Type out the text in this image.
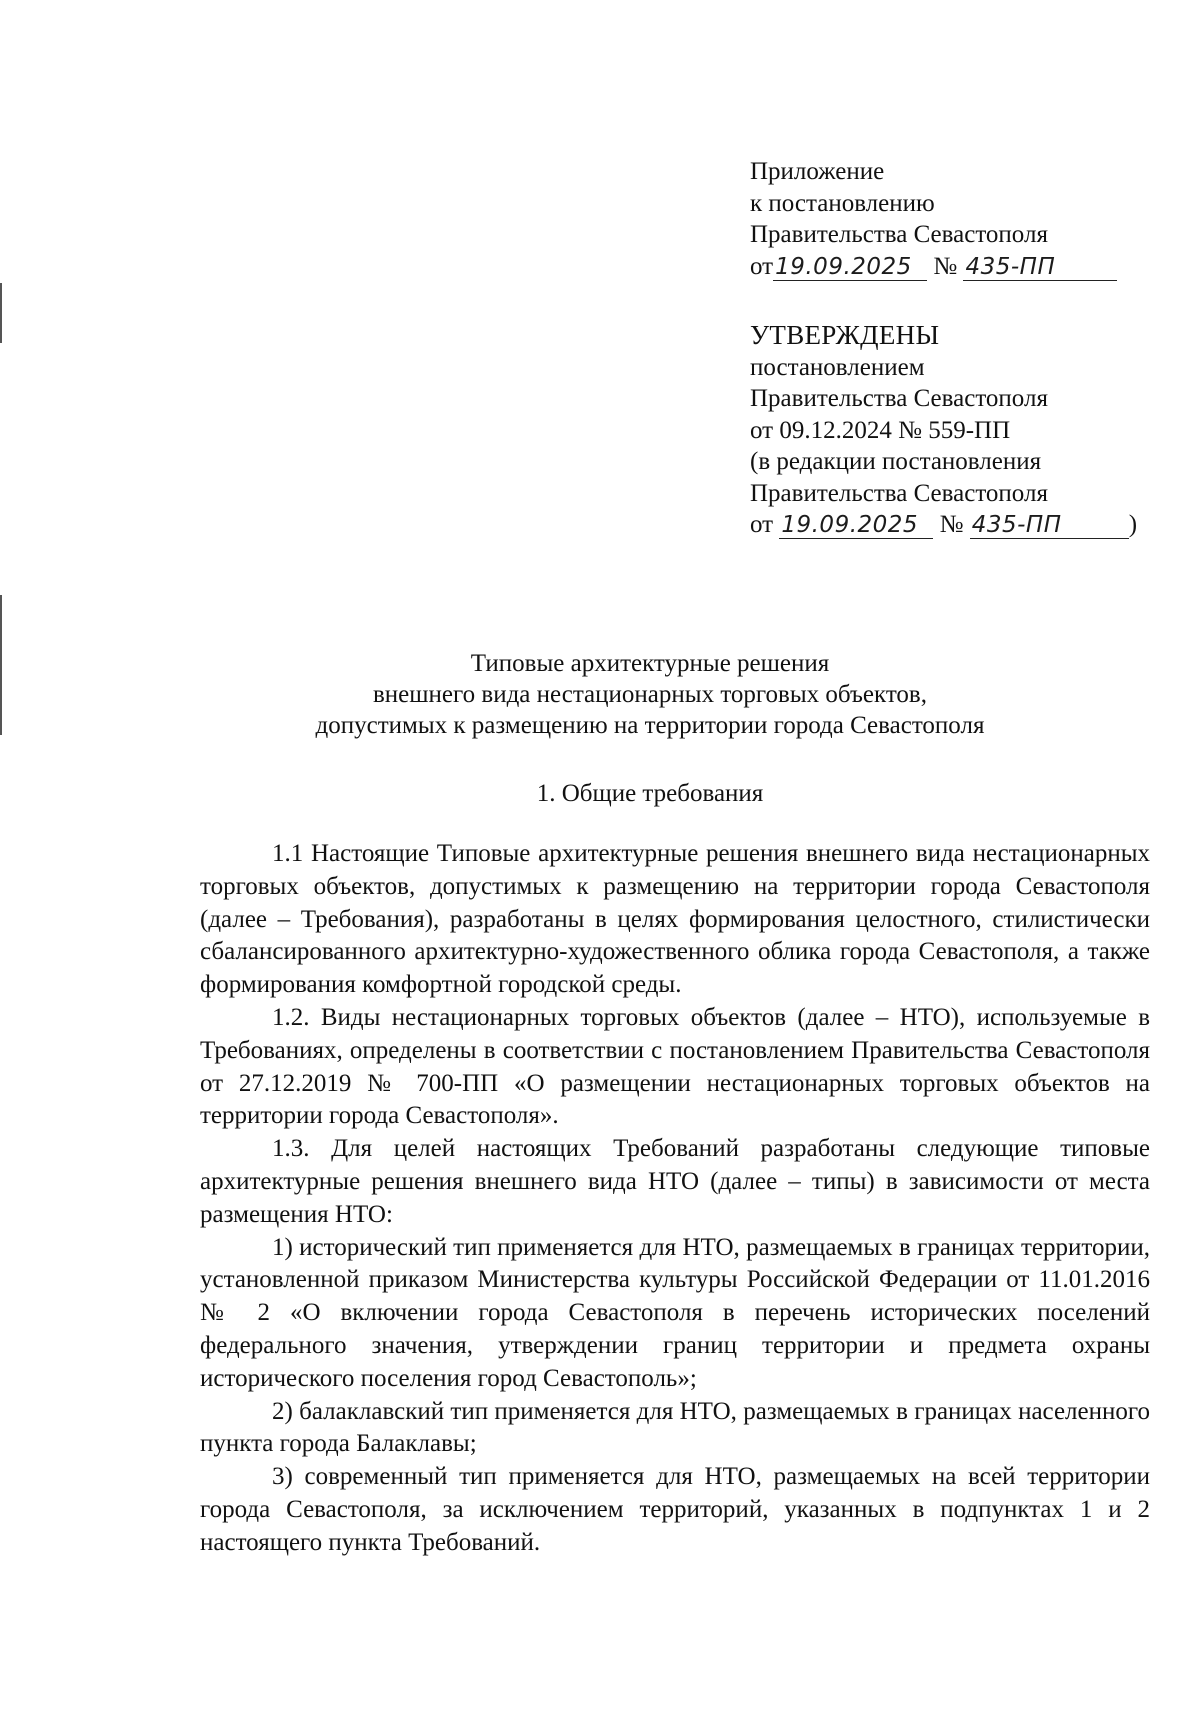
Приложение
к постановлению
Правительства Севастополя
от19.09.2025 № 435-ПП
УТВЕРЖДЕНЫ
постановлением
Правительства Севастополя
от 09.12.2024 № 559-ПП
(в редакции постановления
Правительства Севастополя
от 19.09.2025 № 435-ПП	)
Типовые архитектурные решения
внешнего вида нестационарных торговых объектов,
допустимых к размещению на территории города Севастополя
1. Общие требования

1.1 Настоящие Типовые архитектурные решения внешнего вида нестационарных торговых объектов, допустимых к размещению на территории города Севастополя (далее – Требования), разработаны в целях формирования целостного, стилистически сбалансированного архитектурно-художественного облика города Севастополя, а также формирования комфортной городской среды.

1.2. Виды нестационарных торговых объектов (далее – НТО), используемые в Требованиях, определены в соответствии с постановлением Правительства Севастополя от 27.12.2019 № 700-ПП «О размещении нестационарных торговых объектов на территории города Севастополя».

1.3. Для целей настоящих Требований разработаны следующие типовые архитектурные решения внешнего вида НТО (далее – типы) в зависимости от места размещения НТО:

1) исторический тип применяется для НТО, размещаемых в границах территории, установленной приказом Министерства культуры Российской Федерации от 11.01.2016 № 2 «О включении города Севастополя в перечень исторических поселений федерального значения, утверждении границ территории и предмета охраны исторического поселения город Севастополь»;

2) балаклавский тип применяется для НТО, размещаемых в границах населенного пункта города Балаклавы;

3) современный тип применяется для НТО, размещаемых на всей территории города Севастополя, за исключением территорий, указанных в подпунктах 1 и 2 настоящего пункта Требований.
